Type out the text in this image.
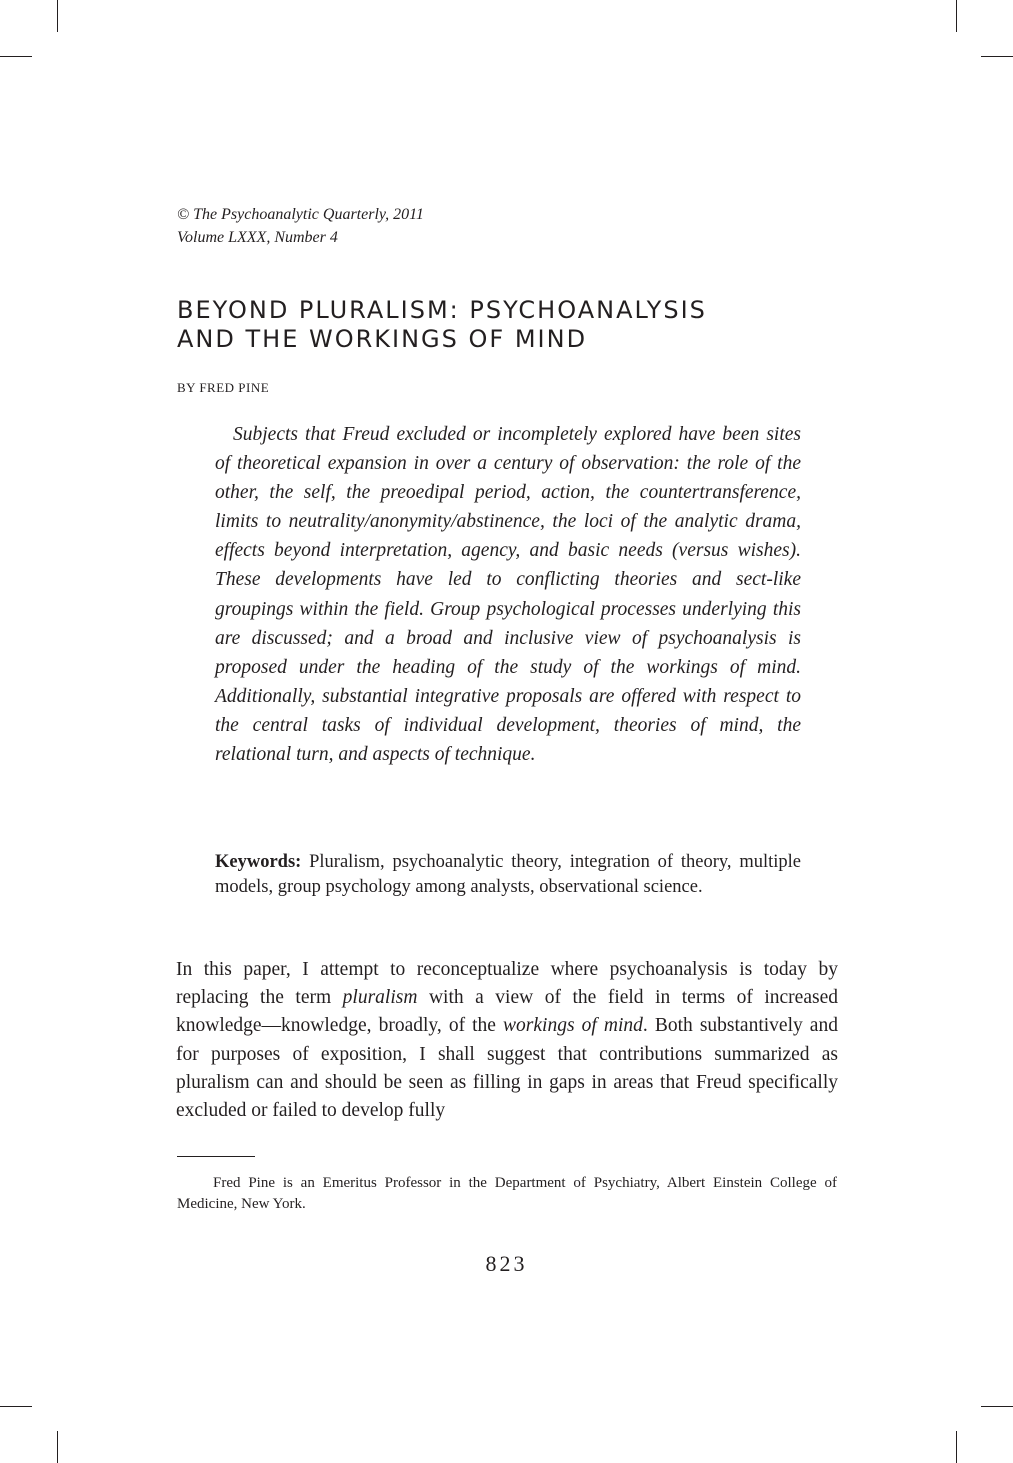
© The Psychoanalytic Quarterly, 2011
Volume LXXX, Number 4
BEYOND PLURALISM: PSYCHOANALYSIS
AND THE WORKINGS OF MIND
BY FRED PINE

Subjects that Freud excluded or incompletely explored have been sites of theoretical expansion in over a century of observation: the role of the other, the self, the preoedipal period, action, the countertransference, limits to neutrality/anonymity/abstinence, the loci of the analytic drama, effects beyond interpretation, agency, and basic needs (versus wishes). These developments have led to conflicting theories and sect-like groupings within the field. Group psychological processes underlying this are discussed; and a broad and inclusive view of psychoanalysis is proposed under the heading of the study of the workings of mind. Additionally, substantial integrative proposals are offered with respect to the central tasks of individual development, theories of mind, the relational turn, and aspects of technique.

Keywords: Pluralism, psychoanalytic theory, integration of theory, multiple models, group psychology among analysts, observational science.

In this paper, I attempt to reconceptualize where psychoanalysis is today by replacing the term pluralism with a view of the field in terms of increased knowledge—knowledge, broadly, of the workings of mind. Both substantively and for purposes of exposition, I shall suggest that contributions summarized as pluralism can and should be seen as filling in gaps in areas that Freud specifically excluded or failed to develop fully

Fred Pine is an Emeritus Professor in the Department of Psychiatry, Albert Einstein College of Medicine, New York.

823
